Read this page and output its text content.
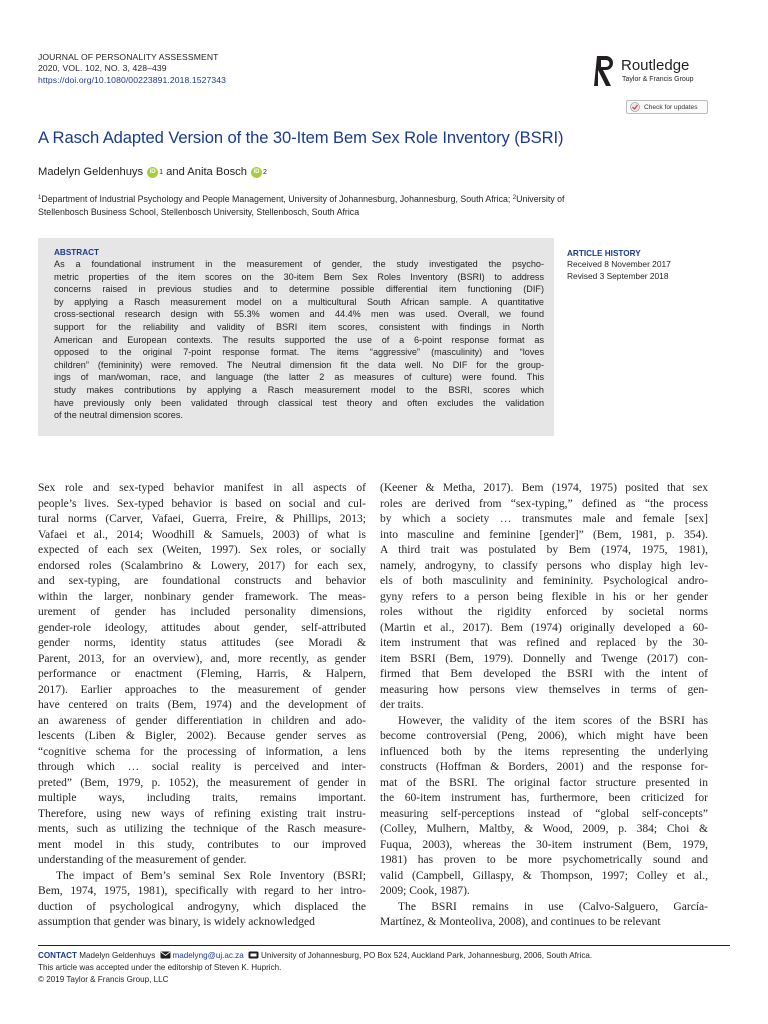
JOURNAL OF PERSONALITY ASSESSMENT
2020, VOL. 102, NO. 3, 428–439
https://doi.org/10.1080/00223891.2018.1527343
Routledge
Taylor & Francis Group
Check for updates
A Rasch Adapted Version of the 30-Item Bem Sex Role Inventory (BSRI)
Madelyn Geldenhuys	iD 1 and Anita Bosch	iD 2
$^1$Department of Industrial Psychology and People Management, University of Johannesburg, Johannesburg, South Africa; $^2$University of
Stellenbosch Business School, Stellenbosch University, Stellenbosch, South Africa
ABSTRACT
As a foundational instrument in the measurement of gender, the study investigated the psycho-
metric properties of the item scores on the 30-item Bem Sex Roles Inventory (BSRI) to address
concerns raised in previous studies and to determine possible differential item functioning (DIF)
by applying a Rasch measurement model on a multicultural South African sample. A quantitative
cross-sectional research design with 55.3% women and 44.4% men was used. Overall, we found
support for the reliability and validity of BSRI item scores, consistent with findings in North
American and European contexts. The results supported the use of a 6-point response format as
opposed to the original 7-point response format. The items “aggressive” (masculinity) and “loves
children” (femininity) were removed. The Neutral dimension fit the data well. No DIF for the group-
ings of man/woman, race, and language (the latter 2 as measures of culture) were found. This
study makes contributions by applying a Rasch measurement model to the BSRI, scores which
have previously only been validated through classical test theory and often excludes the validation
of the neutral dimension scores.
ARTICLE HISTORY
Received 8 November 2017
Revised 3 September 2018
Sex role and sex-typed behavior manifest in all aspects of
people’s lives. Sex-typed behavior is based on social and cul-
tural norms (Carver, Vafaei, Guerra, Freire, & Phillips, 2013;
Vafaei et al., 2014; Woodhill & Samuels, 2003) of what is
expected of each sex (Weiten, 1997). Sex roles, or socially
endorsed roles (Scalambrino & Lowery, 2017) for each sex,
and sex-typing, are foundational constructs and behavior
within the larger, nonbinary gender framework. The meas-
urement of gender has included personality dimensions,
gender-role ideology, attitudes about gender, self-attributed
gender norms, identity status attitudes (see Moradi &
Parent, 2013, for an overview), and, more recently, as gender
performance or enactment (Fleming, Harris, & Halpern,
2017). Earlier approaches to the measurement of gender
have centered on traits (Bem, 1974) and the development of
an awareness of gender differentiation in children and ado-
lescents (Liben & Bigler, 2002). Because gender serves as
“cognitive schema for the processing of information, a lens
through which … social reality is perceived and inter-
preted” (Bem, 1979, p. 1052), the measurement of gender in
multiple ways, including traits, remains important.
Therefore, using new ways of refining existing trait instru-
ments, such as utilizing the technique of the Rasch measure-
ment model in this study, contributes to our improved
understanding of the measurement of gender.
The impact of Bem’s seminal Sex Role Inventory (BSRI;
Bem, 1974, 1975, 1981), specifically with regard to her intro-
duction of psychological androgyny, which displaced the
assumption that gender was binary, is widely acknowledged
(Keener & Metha, 2017). Bem (1974, 1975) posited that sex
roles are derived from “sex-typing,” defined as “the process
by which a society … transmutes male and female [sex]
into masculine and feminine [gender]” (Bem, 1981, p. 354).
A third trait was postulated by Bem (1974, 1975, 1981),
namely, androgyny, to classify persons who display high lev-
els of both masculinity and femininity. Psychological andro-
gyny refers to a person being flexible in his or her gender
roles without the rigidity enforced by societal norms
(Martin et al., 2017). Bem (1974) originally developed a 60-
item instrument that was refined and replaced by the 30-
item BSRI (Bem, 1979). Donnelly and Twenge (2017) con-
firmed that Bem developed the BSRI with the intent of
measuring how persons view themselves in terms of gen-
der traits.
However, the validity of the item scores of the BSRI has
become controversial (Peng, 2006), which might have been
influenced both by the items representing the underlying
constructs (Hoffman & Borders, 2001) and the response for-
mat of the BSRI. The original factor structure presented in
the 60-item instrument has, furthermore, been criticized for
measuring self-perceptions instead of “global self-concepts”
(Colley, Mulhern, Maltby, & Wood, 2009, p. 384; Choi &
Fuqua, 2003), whereas the 30-item instrument (Bem, 1979,
1981) has proven to be more psychometrically sound and
valid (Campbell, Gillaspy, & Thompson, 1997; Colley et al.,
2009; Cook, 1987).
The BSRI remains in use (Calvo-Salguero, García-
Martínez, & Monteoliva, 2008), and continues to be relevant
CONTACT Madelyn Geldenhuys madelyng@uj.ac.za University of Johannesburg, PO Box 524, Auckland Park, Johannesburg, 2006, South Africa.
This article was accepted under the editorship of Steven K. Huprich.
© 2019 Taylor & Francis Group, LLC
